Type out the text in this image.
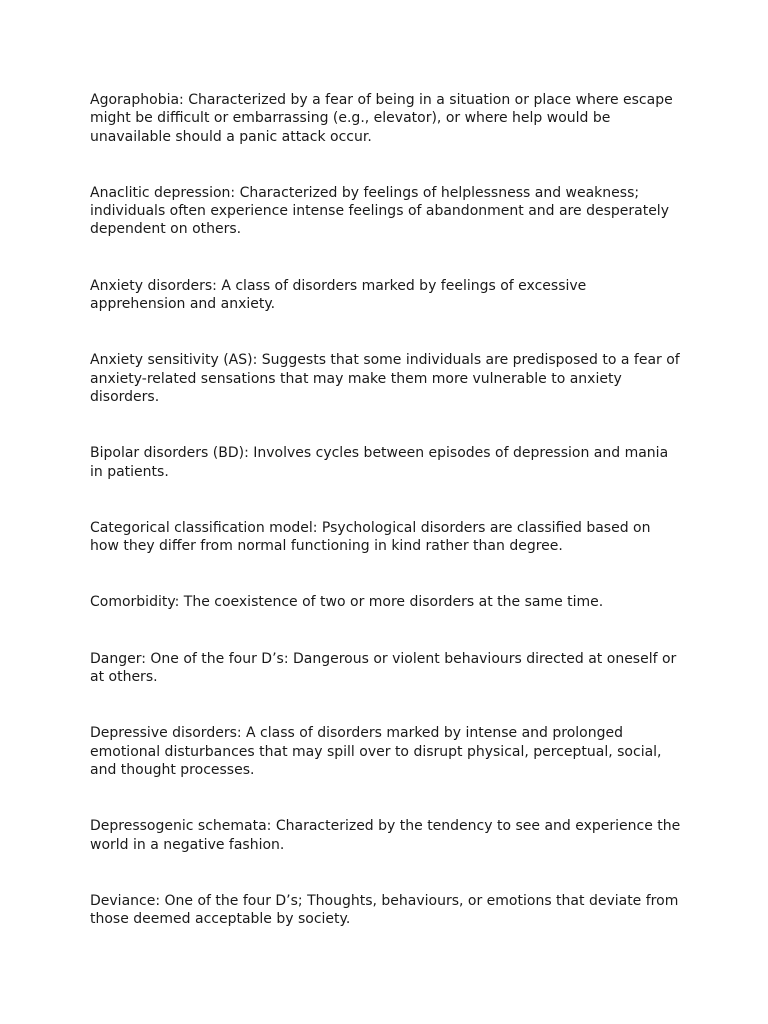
Agoraphobia: Characterized by a fear of being in a situation or place where escape might be difficult or embarrassing (e.g., elevator), or where help would be unavailable should a panic attack occur.

Anaclitic depression: Characterized by feelings of helplessness and weakness; individuals often experience intense feelings of abandonment and are desperately dependent on others.

Anxiety disorders: A class of disorders marked by feelings of excessive apprehension and anxiety.

Anxiety sensitivity (AS): Suggests that some individuals are predisposed to a fear of anxiety-related sensations that may make them more vulnerable to anxiety disorders.

Bipolar disorders (BD): Involves cycles between episodes of depression and mania in patients.

Categorical classification model: Psychological disorders are classified based on how they differ from normal functioning in kind rather than degree.

Comorbidity: The coexistence of two or more disorders at the same time.

Danger: One of the four D’s: Dangerous or violent behaviours directed at oneself or at others.

Depressive disorders: A class of disorders marked by intense and prolonged emotional disturbances that may spill over to disrupt physical, perceptual, social, and thought processes.

Depressogenic schemata: Characterized by the tendency to see and experience the world in a negative fashion.

Deviance: One of the four D’s; Thoughts, behaviours, or emotions that deviate from those deemed acceptable by society.
